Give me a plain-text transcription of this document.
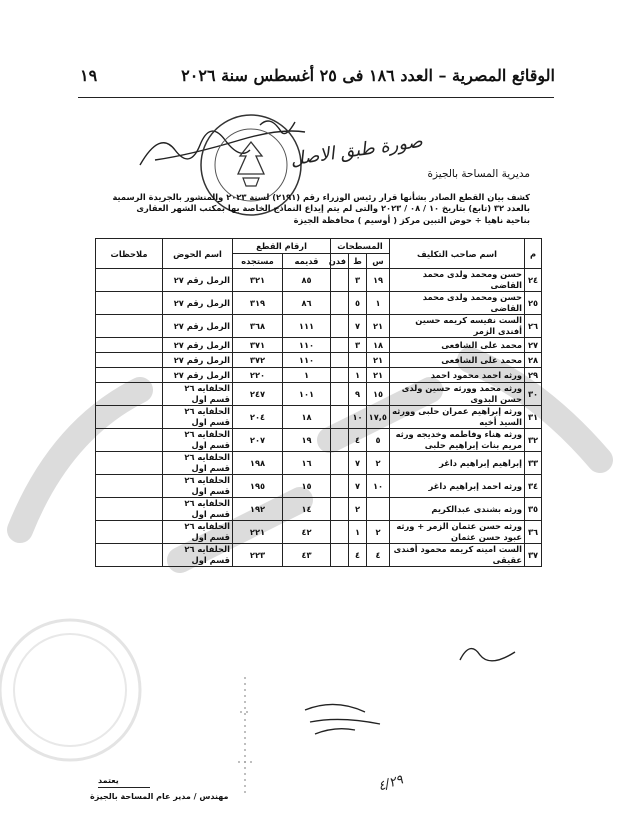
الوقائع المصرية – العدد ١٨٦ فى ٢٥ أغسطس سنة ٢٠٢٦
١٩
صورة طبق الاصل
مديرية المساحة بالجيزة
كشف بيان القطع الصادر بشأنها قرار رئيس الوزراء رقم (٢١٩١) لسنة ٢٠٢٣ والمنشور بالجريدة الرسمية
بالعدد ٣٢ (تابع) بتاريخ ١٠ / ٠٨ / ٢٠٢٣ والتى لم يتم إيداع النماذج الخاصة بها بمكتب الشهر العقارى
بناحية ناهيا ÷ حوض التبين مركز ( أوسيم ) محافظة الجيزة
م	اسم صاحب التكليف	المسطحات			ارقام القطع		اسم الحوض	ملاحظات
		س	ط	فدن	قديمه	مستجده		
٢٤	حسن ومحمد ولدى محمد القاضى	١٩	٣		٨٥	٣٢١	الرمل رقم ٢٧	
٢٥	حسن ومحمد ولدى محمد القاضى	١	٥		٨٦	٣١٩	الرمل رقم ٢٧	
٢٦	الست نفيسه كريمه حسين أفندى الزمر	٢١	٧		١١١	٣٦٨	الرمل رقم ٢٧	
٢٧	محمد على الشافعى	١٨	٣		١١٠	٣٧١	الرمل رقم ٢٧	
٢٨	محمد على الشافعى	٢١			١١٠	٣٧٢	الرمل رقم ٢٧	
٢٩	ورثه احمد محمود احمد	٢١	١		١	٢٢٠	الرمل رقم ٢٧	
٣٠	ورثه محمد وورثه حسين ولدى حسن البدوى	١٥	٩		١٠١	٢٤٧	الحلفايه ٢٦ قسم اول	
٣١	ورثه إبراهيم عمران حلبى وورثه السيد أخيه	١٧,٥	١٠		١٨	٢٠٤	الحلفايه ٢٦ قسم اول	
٣٢	ورثه هناء وفاطمه وخديجه ورثه مريم بنات إبراهيم حلبى	٥	٤		١٩	٢٠٧	الحلفايه ٢٦ قسم اول	
٣٣	إبراهيم إبراهيم داغر	٢	٧		١٦	١٩٨	الحلفايه ٢٦ قسم اول	
٣٤	ورثه احمد إبراهيم داغر	١٠	٧		١٥	١٩٥	الحلفايه ٢٦ قسم اول	
٣٥	ورثه بشندى عبدالكريم		٢		١٤	١٩٢	الحلفايه ٢٦ قسم اول	
٣٦	ورثه حسن عثمان الزمر + ورثه عبود حسن عثمان	٢	١		٤٢	٢٢١	الحلفايه ٢٦ قسم اول	
٣٧	الست امينه كريمه محمود أفندى عقيقى	٤	٤		٤٣	٢٢٣	الحلفايه ٢٦ قسم اول	
٤/٢٩
يعتمد
مهندس / مدير عام المساحة بالجيزة
